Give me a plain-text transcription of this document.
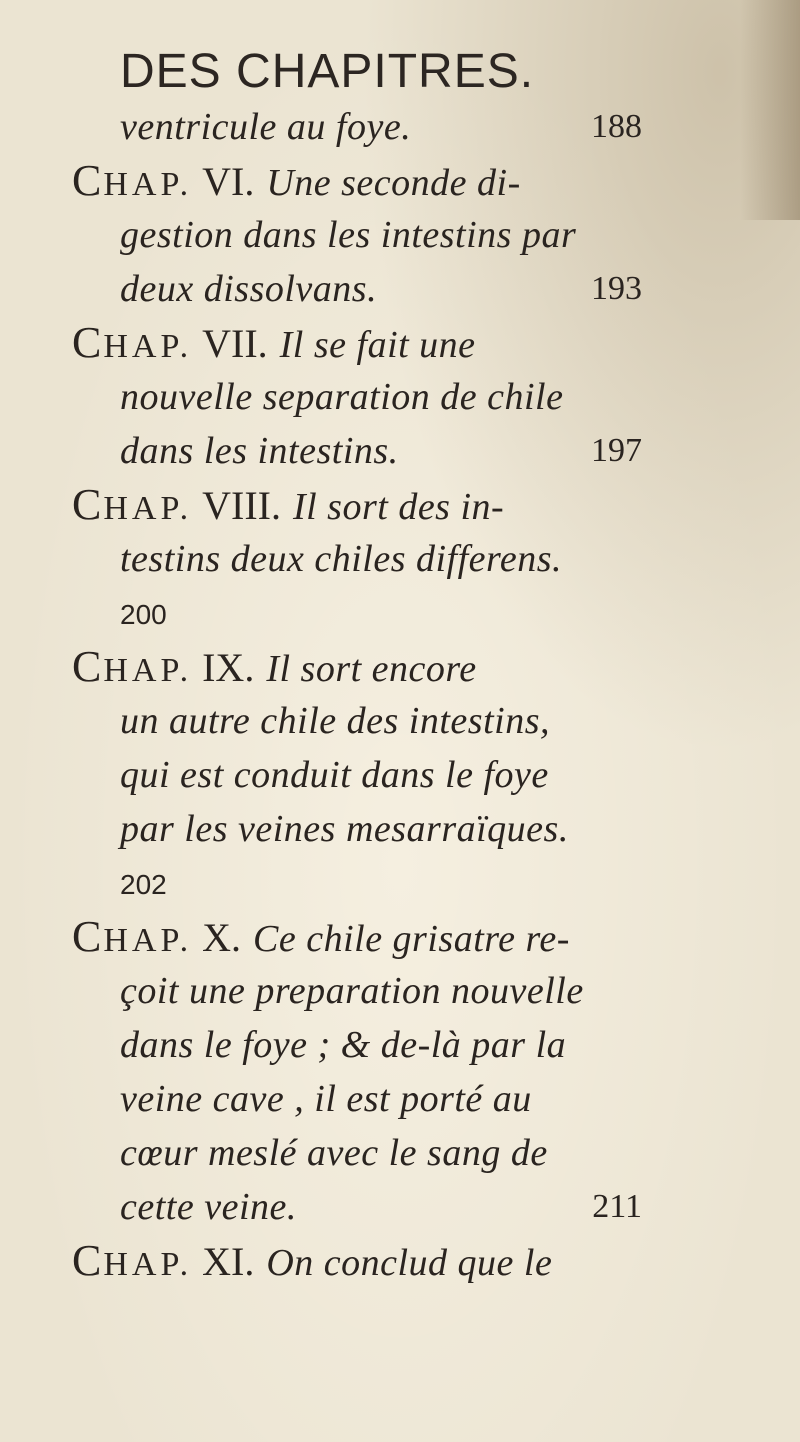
DES CHAPITRES.
ventricule au foye.	188
CHAP. VI. Une seconde di-
gestion dans les intestins par
deux dissolvans.	193
CHAP. VII. Il se fait une
nouvelle separation de chile
dans les intestins.	197
CHAP. VIII. Il sort des in-
testins deux chiles differens.
200
CHAP. IX. Il sort encore
un autre chile des intestins,
qui est conduit dans le foye
par les veines mesarraïques.
202
CHAP. X. Ce chile grisatre re-
çoit une preparation nouvelle
dans le foye ; & de-là par la
veine cave , il est porté au
cœur meslé avec le sang de
cette veine.	211
CHAP. XI. On conclud que le
